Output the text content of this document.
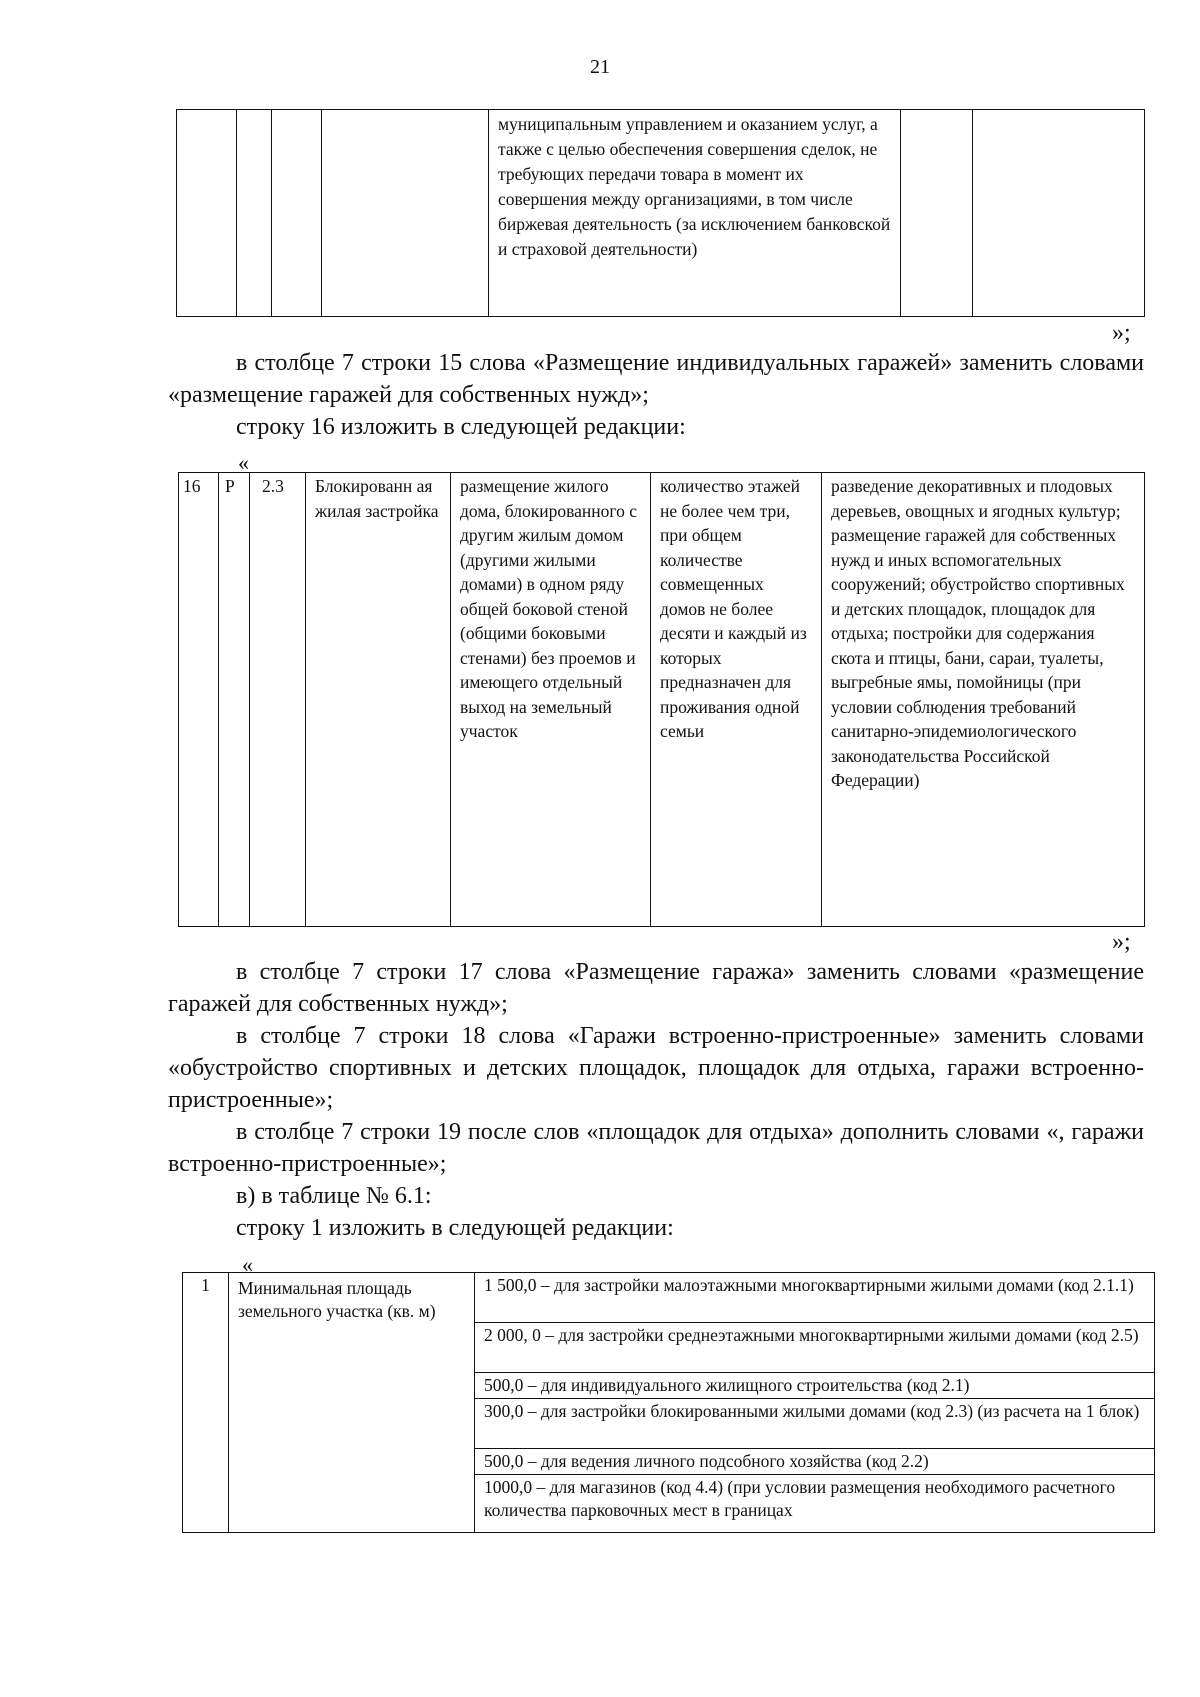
21
				муниципальным управлением и оказанием услуг, а также с целью обеспечения совершения сделок, не требующих передачи товара в момент их совершения между организациями, в том числе биржевая деятельность (за исключением банковской и страховой деятельности)		
»;
в столбце 7 строки 15 слова «Размещение индивидуальных гаражей» заменить словами «размещение гаражей для собственных нужд»;
строку 16 изложить в следующей редакции:
«
16	Р	2.3	Блокированн ая жилая застройка	размещение жилого дома, блокированного с другим жилым домом (другими жилыми домами) в одном ряду общей боковой стеной (общими боковыми стенами) без проемов и имеющего отдельный выход на земельный участок	количество этажей не более чем три, при общем количестве совмещенных домов не более десяти и каждый из которых предназначен для проживания одной семьи	разведение декоративных и плодовых деревьев, овощных и ягодных культур; размещение гаражей для собственных нужд и иных вспомогательных сооружений; обустройство спортивных и детских площадок, площадок для отдыха; постройки для содержания скота и птицы, бани, сараи, туалеты, выгребные ямы, помойницы (при условии соблюдения требований санитарно-эпидемиологического законодательства Российской Федерации)
»;
в столбце 7 строки 17 слова «Размещение гаража» заменить словами «размещение гаражей для собственных нужд»;
в столбце 7 строки 18 слова «Гаражи встроенно-пристроенные» заменить словами «обустройство спортивных и детских площадок, площадок для отдыха, гаражи встроенно-пристроенные»;
в столбце 7 строки 19 после слов «площадок для отдыха» дополнить словами «, гаражи встроенно-пристроенные»;
в) в таблице № 6.1:
строку 1 изложить в следующей редакции:
«
1	Минимальная площадь земельного участка (кв. м)	1 500,0 – для застройки малоэтажными многоквартирными жилыми домами (код 2.1.1)
2 000, 0 – для застройки среднеэтажными многоквартирными жилыми домами (код 2.5)
500,0 – для индивидуального жилищного строительства (код 2.1)
300,0 – для застройки блокированными жилыми домами (код 2.3) (из расчета на 1 блок)
500,0 – для ведения личного подсобного хозяйства (код 2.2)
1000,0 – для магазинов (код 4.4) (при условии размещения необходимого расчетного количества парковочных мест в границах
